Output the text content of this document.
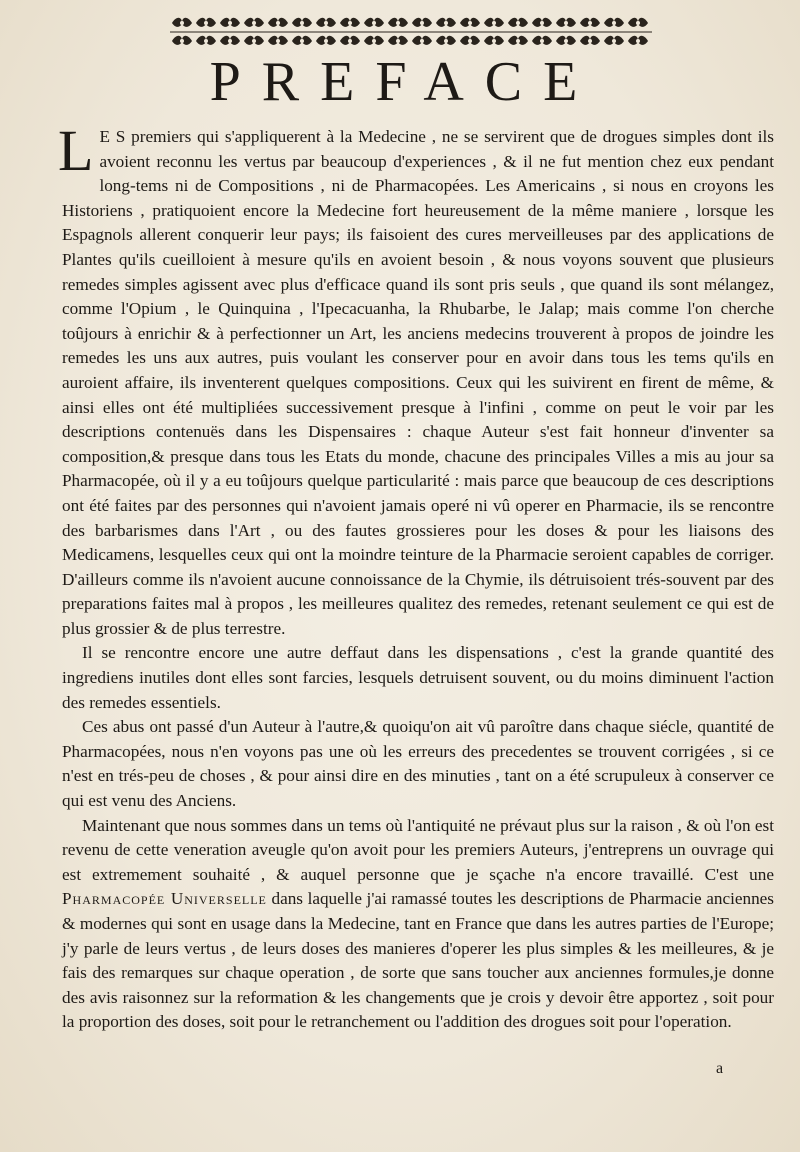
PREFACE

L E S premiers qui s'appliquerent à la Medecine , ne se servirent que de drogues simples dont ils avoient reconnu les vertus par beaucoup d'experiences , & il ne fut mention chez eux pendant long-tems ni de Compositions , ni de Pharmacopées. Les Americains , si nous en croyons les Historiens , pratiquoient encore la Medecine fort heureusement de la même maniere , lorsque les Espagnols allerent conquerir leur pays; ils faisoient des cures merveilleuses par des applications de Plantes qu'ils cueilloient à mesure qu'ils en avoient besoin , & nous voyons souvent que plusieurs remedes simples agissent avec plus d'efficace quand ils sont pris seuls , que quand ils sont mélangez, comme l'Opium , le Quinquina , l'Ipecacuanha, la Rhubarbe, le Jalap; mais comme l'on cherche toûjours à enrichir & à perfectionner un Art, les anciens medecins trouverent à propos de joindre les remedes les uns aux autres, puis voulant les conserver pour en avoir dans tous les tems qu'ils en auroient affaire, ils inventerent quelques compositions. Ceux qui les suivirent en firent de même, & ainsi elles ont été multipliées successivement presque à l'infini , comme on peut le voir par les descriptions contenuës dans les Dispensaires : chaque Auteur s'est fait honneur d'inventer sa composition,& presque dans tous les Etats du monde, chacune des principales Villes a mis au jour sa Pharmacopée, où il y a eu toûjours quelque particularité : mais parce que beaucoup de ces descriptions ont été faites par des personnes qui n'avoient jamais operé ni vû operer en Pharmacie, ils se rencontre des barbarismes dans l'Art , ou des fautes grossieres pour les doses & pour les liaisons des Medicamens, lesquelles ceux qui ont la moindre teinture de la Pharmacie seroient capables de corriger. D'ailleurs comme ils n'avoient aucune connoissance de la Chymie, ils détruisoient trés-souvent par des preparations faites mal à propos , les meilleures qualitez des remedes, retenant seulement ce qui est de plus grossier & de plus terrestre.

Il se rencontre encore une autre deffaut dans les dispensations , c'est la grande quantité des ingrediens inutiles dont elles sont farcies, lesquels detruisent souvent, ou du moins diminuent l'action des remedes essentiels.

Ces abus ont passé d'un Auteur à l'autre,& quoiqu'on ait vû paroître dans chaque siécle, quantité de Pharmacopées, nous n'en voyons pas une où les erreurs des precedentes se trouvent corrigées , si ce n'est en trés-peu de choses , & pour ainsi dire en des minuties , tant on a été scrupuleux à conserver ce qui est venu des Anciens.

Maintenant que nous sommes dans un tems où l'antiquité ne prévaut plus sur la raison , & où l'on est revenu de cette veneration aveugle qu'on avoit pour les premiers Auteurs, j'entreprens un ouvrage qui est extremement souhaité , & auquel personne que je sçache n'a encore travaillé. C'est une Pharmacopée Universelle dans laquelle j'ai ramassé toutes les descriptions de Pharmacie anciennes & modernes qui sont en usage dans la Medecine, tant en France que dans les autres parties de l'Europe; j'y parle de leurs vertus , de leurs doses des manieres d'operer les plus simples & les meilleures, & je fais des remarques sur chaque operation , de sorte que sans toucher aux anciennes formules,je donne des avis raisonnez sur la reformation & les changements que je crois y devoir être apportez , soit pour la proportion des doses, soit pour le retranchement ou l'addition des drogues soit pour l'operation.

a
